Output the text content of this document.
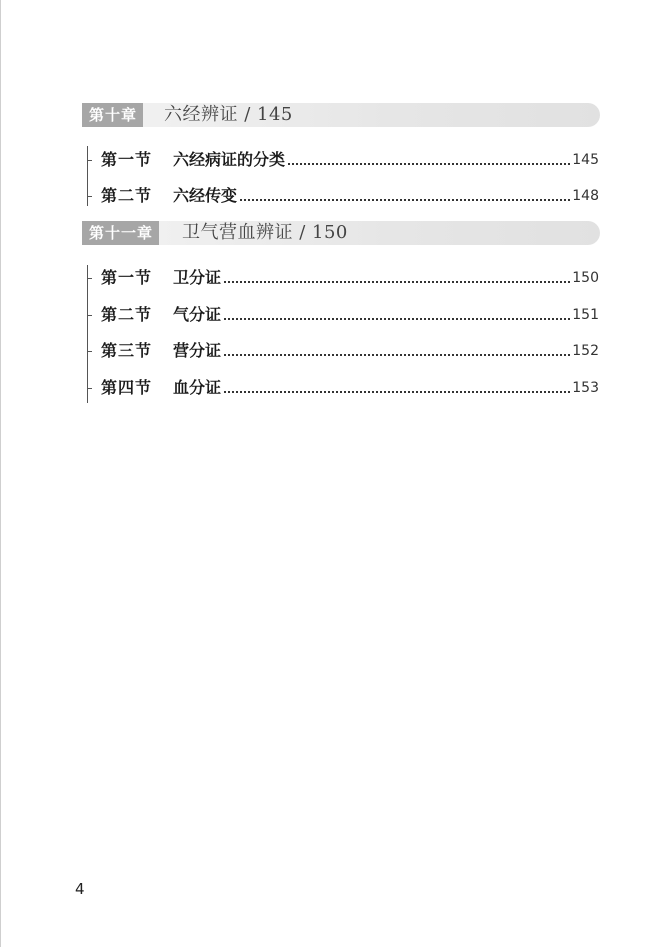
第十章	六经辨证 / 145
第一节	六经病证的分类	145
第二节	六经传变	148
第十一章	卫气营血辨证 / 150
第一节	卫分证	150
第二节	气分证	151
第三节	营分证	152
第四节	血分证	153
4
